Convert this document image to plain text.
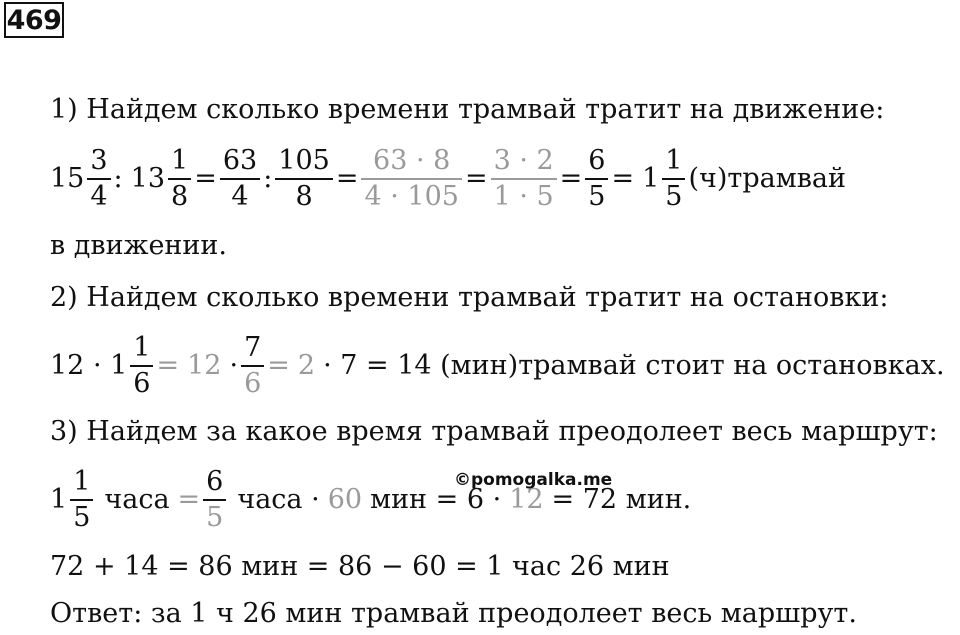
469
1) Найдем сколько времени трамвай тратит на движение:
$15 \frac{3}{4}$ : $13 \frac{1}{8} = \frac{63}{4}$ : $\frac{105}{8} = \frac{63 \cdot 8}{4 \cdot 105} = \frac{3 \cdot 2}{1 \cdot 5} = \frac{6}{5} = 1 \frac{1}{5}$ (ч)трамвай
в движении.
2) Найдем сколько времени трамвай тратит на остановки:
$12 \cdot 1 \frac{1}{6} = 12 \cdot \frac{7}{6} = 2 \cdot 7 = 14$ (мин)трамвай стоит на остановках.
3) Найдем за какое время трамвай преодолеет весь маршрут:
©pomogalka.me
$1 \frac{1}{5}$ часа = $\frac{6}{5}$ часа · 60 мин = 6 · 12 = 72 мин.
72 + 14 = 86 мин = 86 − 60 = 1 час 26 мин
Ответ: за 1 ч 26 мин трамвай преодолеет весь маршрут.
